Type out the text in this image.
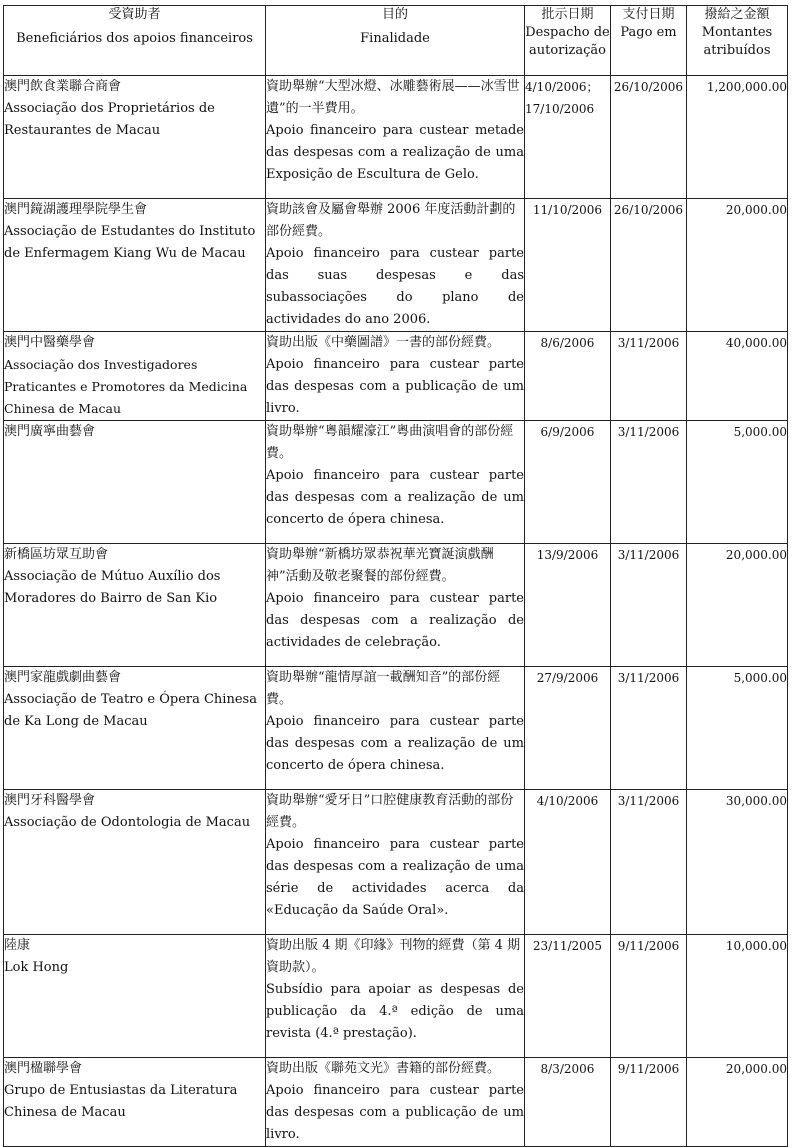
受資助者
Beneficiários dos apoios financeiros	目的
Finalidade	批示日期
Despacho de autorização	支付日期
Pago em	撥給之金額
Montantes atribuídos

澳門飲食業聯合商會
Associação dos Proprietários de Restaurantes de Macau	資助舉辦“大型冰燈、冰雕藝術展——冰雪世遺”的一半費用。
Apoio financeiro para custear metade das despesas com a realização de uma Exposição de Escultura de Gelo.	4/10/2006；17/10/2006	26/10/2006	1,200,000.00

澳門鏡湖護理學院學生會
Associação de Estudantes do Instituto de Enfermagem Kiang Wu de Macau	資助該會及屬會舉辦 2006 年度活動計劃的部份經費。
Apoio financeiro para custear parte das suas despesas e das subassociações do plano de actividades do ano 2006.	11/10/2006	26/10/2006	20,000.00

澳門中醫藥學會
Associação dos Investigadores Praticantes e Promotores da Medicina Chinesa de Macau	資助出版《中藥圖譜》一書的部份經費。
Apoio financeiro para custear parte das despesas com a publicação de um livro.	8/6/2006	3/11/2006	40,000.00

澳門廣寧曲藝會	資助舉辦“粵韻耀濠江”粵曲演唱會的部份經費。
Apoio financeiro para custear parte das despesas com a realização de um concerto de ópera chinesa.	6/9/2006	3/11/2006	5,000.00

新橋區坊眾互助會
Associação de Mútuo Auxílio dos Moradores do Bairro de San Kio	資助舉辦“新橋坊眾恭祝華光寶誕演戲酬神”活動及敬老聚餐的部份經費。
Apoio financeiro para custear parte das despesas com a realização de actividades de celebração.	13/9/2006	3/11/2006	20,000.00

澳門家龍戲劇曲藝會
Associação de Teatro e Ópera Chinesa de Ka Long de Macau	資助舉辦“龍情厚誼一載酬知音”的部份經費。
Apoio financeiro para custear parte das despesas com a realização de um concerto de ópera chinesa.	27/9/2006	3/11/2006	5,000.00

澳門牙科醫學會
Associação de Odontologia de Macau	資助舉辦“愛牙日”口腔健康教育活動的部份經費。
Apoio financeiro para custear parte das despesas com a realização de uma série de actividades acerca da «Educação da Saúde Oral».	4/10/2006	3/11/2006	30,000.00

陸康
Lok Hong	資助出版 4 期《印緣》刊物的經費（第 4 期資助款）。
Subsídio para apoiar as despesas de publicação da 4.ª edição de uma revista (4.ª prestação).	23/11/2005	9/11/2006	10,000.00

澳門楹聯學會
Grupo de Entusiastas da Literatura Chinesa de Macau	資助出版《聯苑文光》書籍的部份經費。
Apoio financeiro para custear parte das despesas com a publicação de um livro.	8/3/2006	9/11/2006	20,000.00
